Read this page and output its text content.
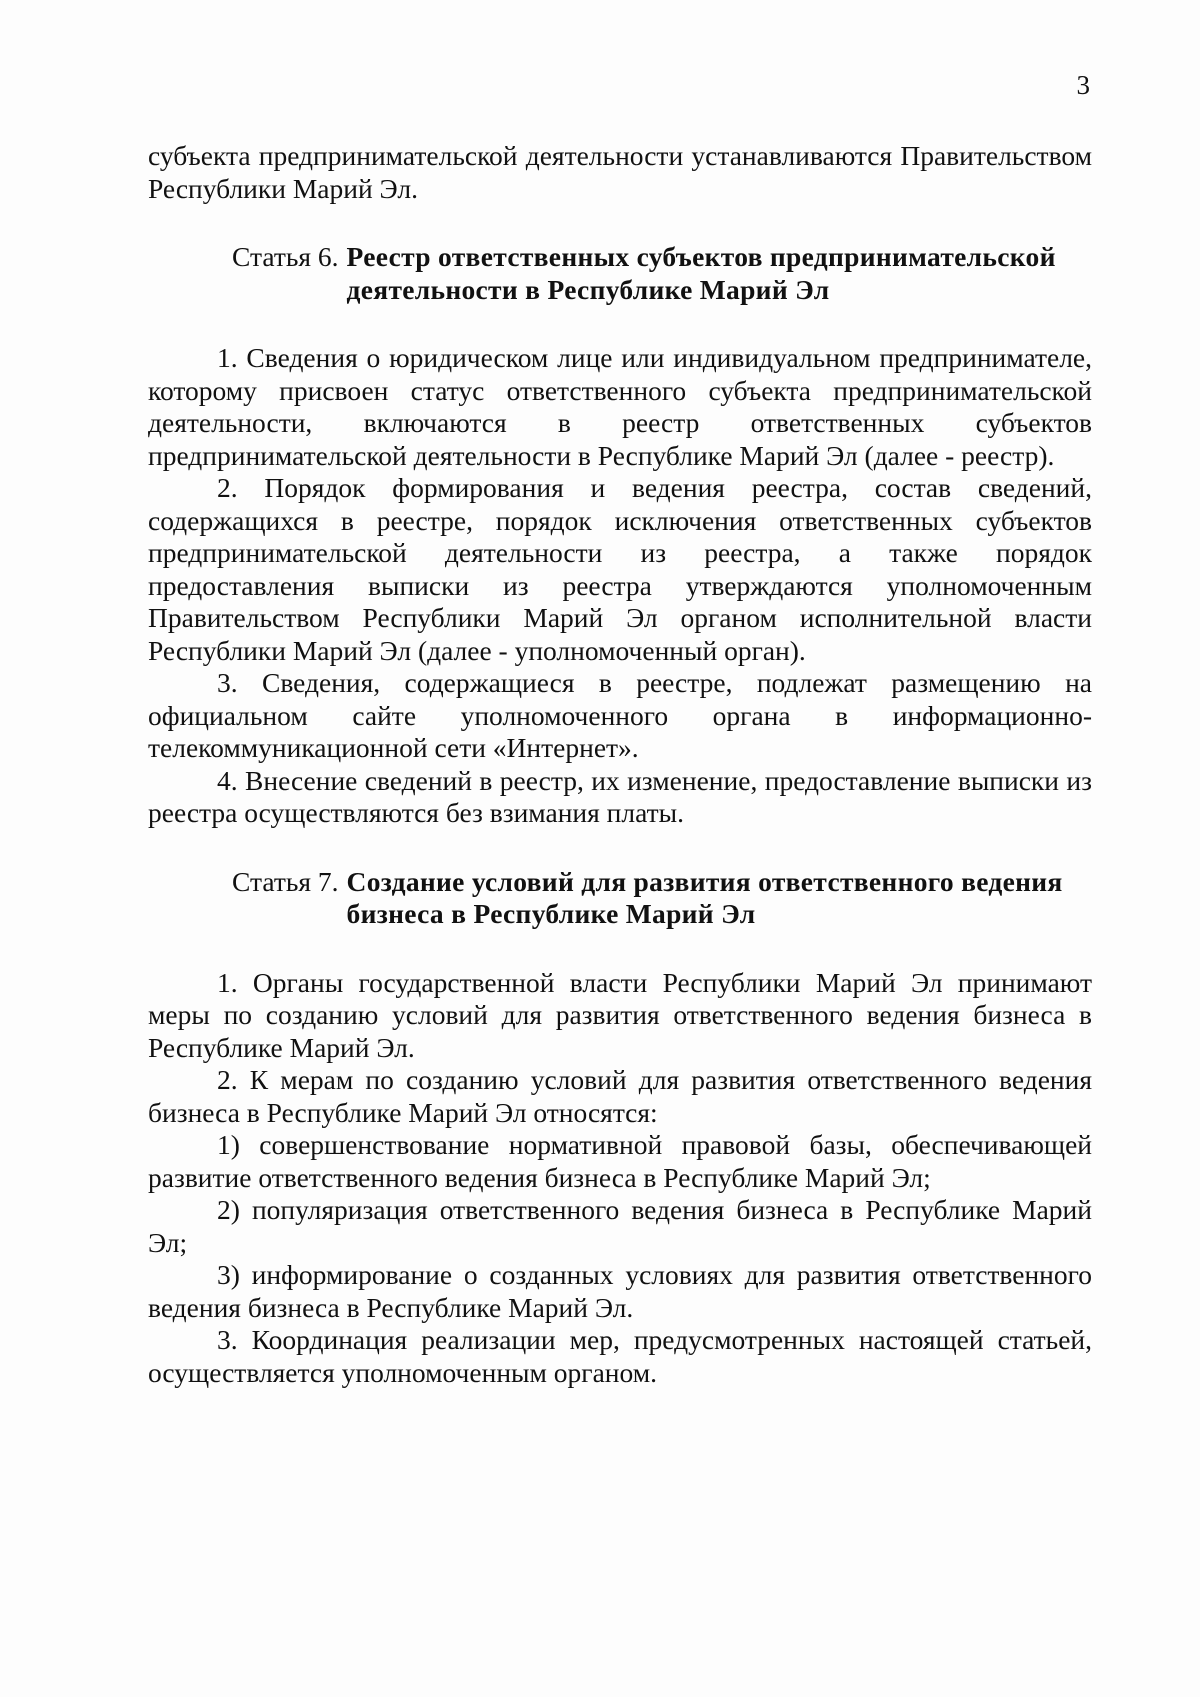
3

субъекта предпринимательской деятельности устанавливаются Правительством Республики Марий Эл.

Статья 6. Реестр ответственных субъектов предпринимательской
деятельности в Республике Марий Эл

1. Сведения о юридическом лице или индивидуальном предпринимателе, которому присвоен статус ответственного субъекта предпринимательской деятельности, включаются в реестр ответственных субъектов предпринимательской деятельности в Республике Марий Эл (далее - реестр).

2. Порядок формирования и ведения реестра, состав сведений, содержащихся в реестре, порядок исключения ответственных субъектов предпринимательской деятельности из реестра, а также порядок предоставления выписки из реестра утверждаются уполномоченным Правительством Республики Марий Эл органом исполнительной власти Республики Марий Эл (далее - уполномоченный орган).

3. Сведения, содержащиеся в реестре, подлежат размещению на официальном сайте уполномоченного органа в информационно-телекоммуникационной сети «Интернет».

4. Внесение сведений в реестр, их изменение, предоставление выписки из реестра осуществляются без взимания платы.

Статья 7. Создание условий для развития ответственного ведения
бизнеса в Республике Марий Эл

1. Органы государственной власти Республики Марий Эл принимают меры по созданию условий для развития ответственного ведения бизнеса в Республике Марий Эл.

2. К мерам по созданию условий для развития ответственного ведения бизнеса в Республике Марий Эл относятся:

1) совершенствование нормативной правовой базы, обеспечивающей развитие ответственного ведения бизнеса в Республике Марий Эл;

2) популяризация ответственного ведения бизнеса в Республике Марий Эл;

3) информирование о созданных условиях для развития ответственного ведения бизнеса в Республике Марий Эл.

3. Координация реализации мер, предусмотренных настоящей статьей, осуществляется уполномоченным органом.
